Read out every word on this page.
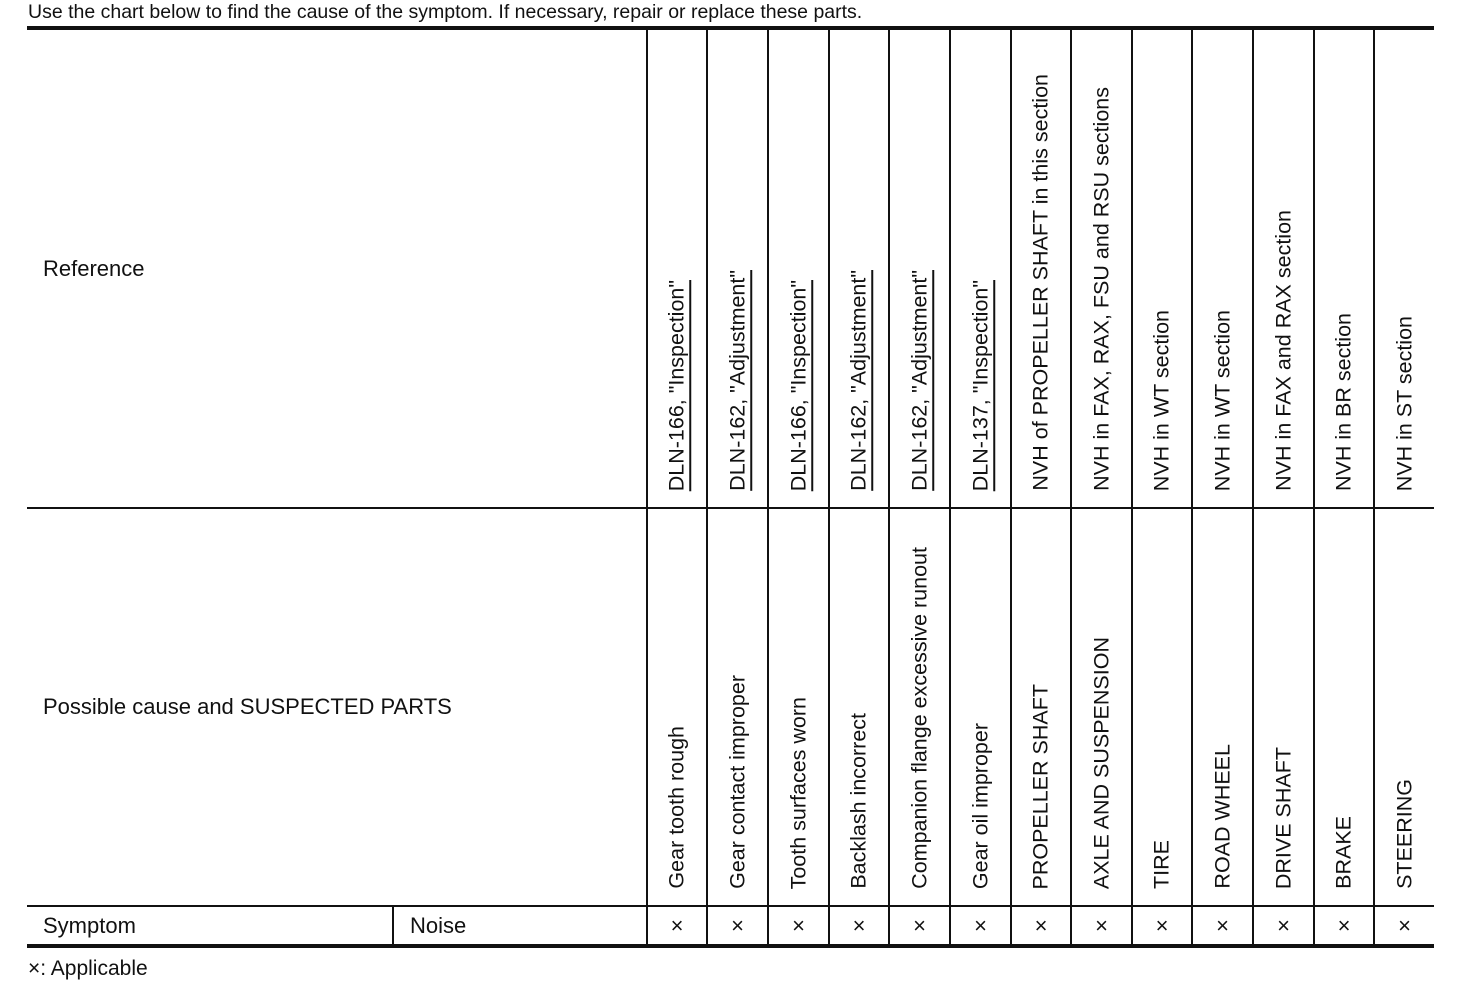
Use the chart below to find the cause of the symptom. If necessary, repair or replace these parts.
Reference		DLN-166, "Inspection"	DLN-162, "Adjustment"	DLN-166, "Inspection"	DLN-162, "Adjustment"	DLN-162, "Adjustment"	DLN-137, "Inspection"	NVH of PROPELLER SHAFT in this section	NVH in FAX, RAX, FSU and RSU sections	NVH in WT section	NVH in WT section	NVH in FAX and RAX section	NVH in BR section	NVH in ST section

Possible cause and SUSPECTED PARTS		Gear tooth rough	Gear contact improper	Tooth surfaces worn	Backlash incorrect	Companion flange excessive runout	Gear oil improper	PROPELLER SHAFT	AXLE AND SUSPENSION	TIRE	ROAD WHEEL	DRIVE SHAFT	BRAKE	STEERING

Symptom	Noise	×	×	×	×	×	×	×	×	×	×	×	×	×
×: Applicable
